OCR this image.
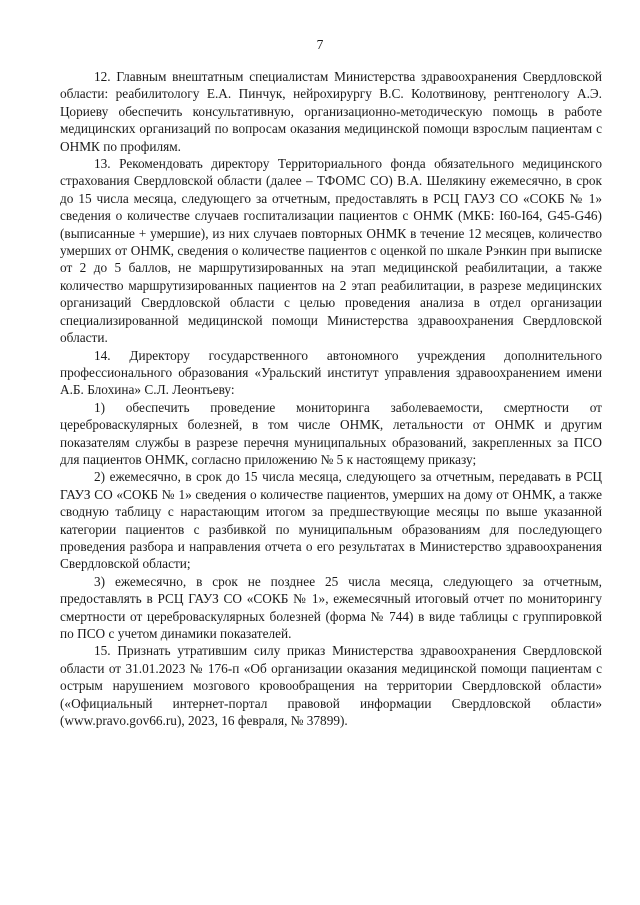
7

12. Главным внештатным специалистам Министерства здравоохранения Свердловской области: реабилитологу Е.А. Пинчук, нейрохирургу В.С. Колотвинову, рентгенологу А.Э. Цориеву обеспечить консультативную, организационно-методическую помощь в работе медицинских организаций по вопросам оказания медицинской помощи взрослым пациентам с ОНМК по профилям.

13. Рекомендовать директору Территориального фонда обязательного медицинского страхования Свердловской области (далее – ТФОМС СО) В.А. Шелякину ежемесячно, в срок до 15 числа месяца, следующего за отчетным, предоставлять в РСЦ ГАУЗ СО «СОКБ № 1» сведения о количестве случаев госпитализации пациентов с ОНМК (МКБ: I60-I64, G45-G46) (выписанные + умершие), из них случаев повторных ОНМК в течение 12 месяцев, количество умерших от ОНМК, сведения о количестве пациентов с оценкой по шкале Рэнкин при выписке от 2 до 5 баллов, не маршрутизированных на этап медицинской реабилитации, а также количество маршрутизированных пациентов на 2 этап реабилитации, в разрезе медицинских организаций Свердловской области с целью проведения анализа в отдел организации специализированной медицинской помощи Министерства здравоохранения Свердловской области.

14. Директору государственного автономного учреждения дополнительного профессионального образования «Уральский институт управления здравоохранением имени А.Б. Блохина» С.Л. Леонтьеву:

1) обеспечить проведение мониторинга заболеваемости, смертности от цереброваскулярных болезней, в том числе ОНМК, летальности от ОНМК и другим показателям службы в разрезе перечня муниципальных образований, закрепленных за ПСО для пациентов ОНМК, согласно приложению № 5 к настоящему приказу;

2) ежемесячно, в срок до 15 числа месяца, следующего за отчетным, передавать в РСЦ ГАУЗ СО «СОКБ № 1» сведения о количестве пациентов, умерших на дому от ОНМК, а также сводную таблицу с нарастающим итогом за предшествующие месяцы по выше указанной категории пациентов с разбивкой по муниципальным образованиям для последующего проведения разбора и направления отчета о его результатах в Министерство здравоохранения Свердловской области;

3) ежемесячно, в срок не позднее 25 числа месяца, следующего за отчетным, предоставлять в РСЦ ГАУЗ СО «СОКБ № 1», ежемесячный итоговый отчет по мониторингу смертности от цереброваскулярных болезней (форма № 744) в виде таблицы с группировкой по ПСО с учетом динамики показателей.

15. Признать утратившим силу приказ Министерства здравоохранения Свердловской области от 31.01.2023 № 176-п «Об организации оказания медицинской помощи пациентам с острым нарушением мозгового кровообращения на территории Свердловской области» («Официальный интернет-портал правовой информации Свердловской области» (www.pravo.gov66.ru), 2023, 16 февраля, № 37899).
